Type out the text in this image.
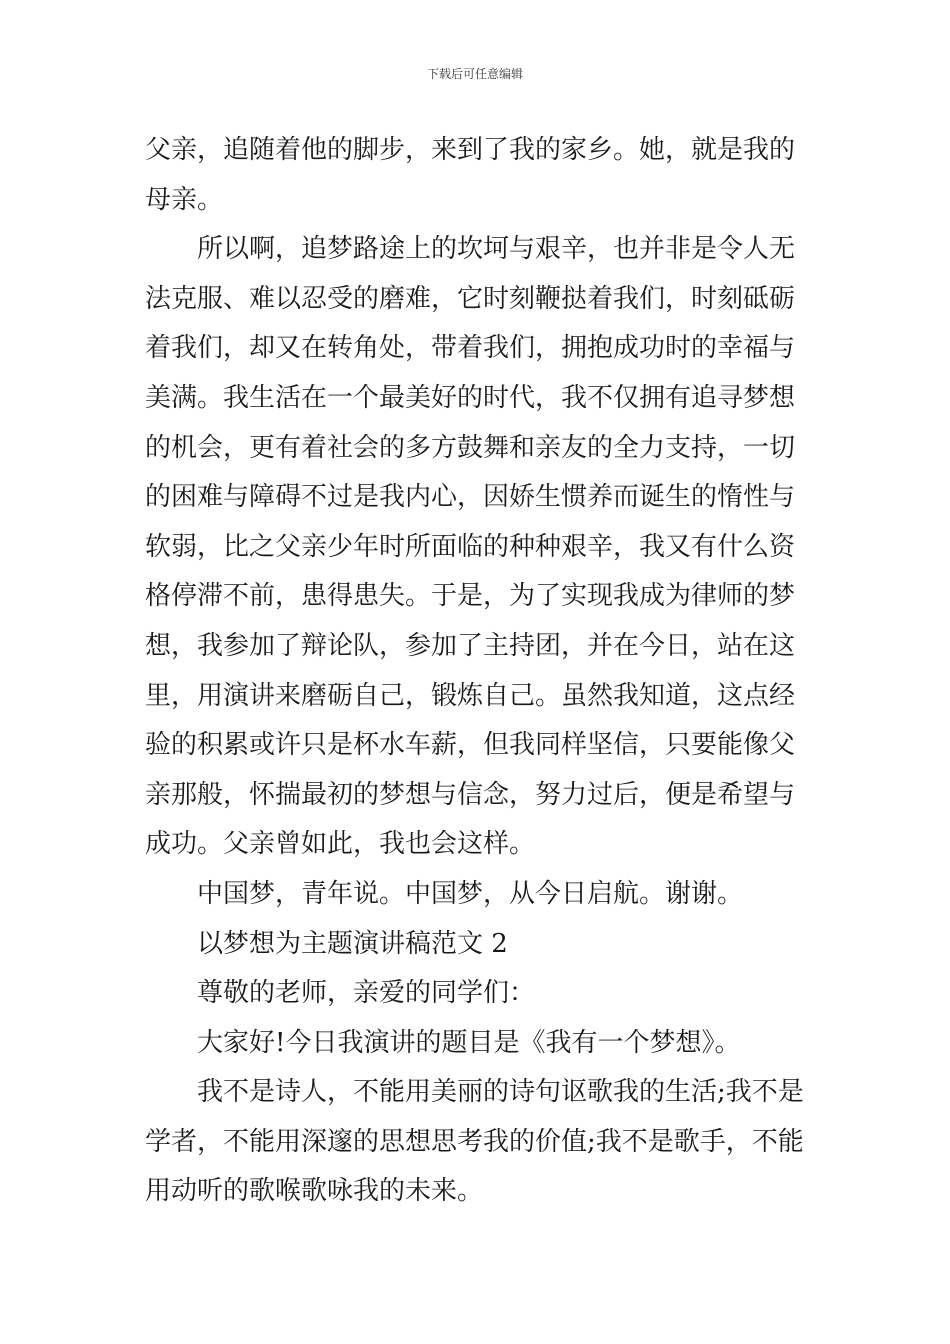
下载后可任意编辑
父亲，追随着他的脚步，来到了我的家乡。她，就是我的
母亲。
所以啊，追梦路途上的坎坷与艰辛，也并非是令人无
法克服、难以忍受的磨难，它时刻鞭挞着我们，时刻砥砺
着我们，却又在转角处，带着我们，拥抱成功时的幸福与
美满。我生活在一个最美好的时代，我不仅拥有追寻梦想
的机会，更有着社会的多方鼓舞和亲友的全力支持，一切
的困难与障碍不过是我内心，因娇生惯养而诞生的惰性与
软弱，比之父亲少年时所面临的种种艰辛，我又有什么资
格停滞不前，患得患失。于是，为了实现我成为律师的梦
想，我参加了辩论队，参加了主持团，并在今日，站在这
里，用演讲来磨砺自己，锻炼自己。虽然我知道，这点经
验的积累或许只是杯水车薪，但我同样坚信，只要能像父
亲那般，怀揣最初的梦想与信念，努力过后，便是希望与
成功。父亲曾如此，我也会这样。
中国梦，青年说。中国梦，从今日启航。谢谢。
以梦想为主题演讲稿范文 2
尊敬的老师，亲爱的同学们：
大家好!今日我演讲的题目是《我有一个梦想》。
我不是诗人，不能用美丽的诗句讴歌我的生活;我不是
学者，不能用深邃的思想思考我的价值;我不是歌手，不能
用动听的歌喉歌咏我的未来。
